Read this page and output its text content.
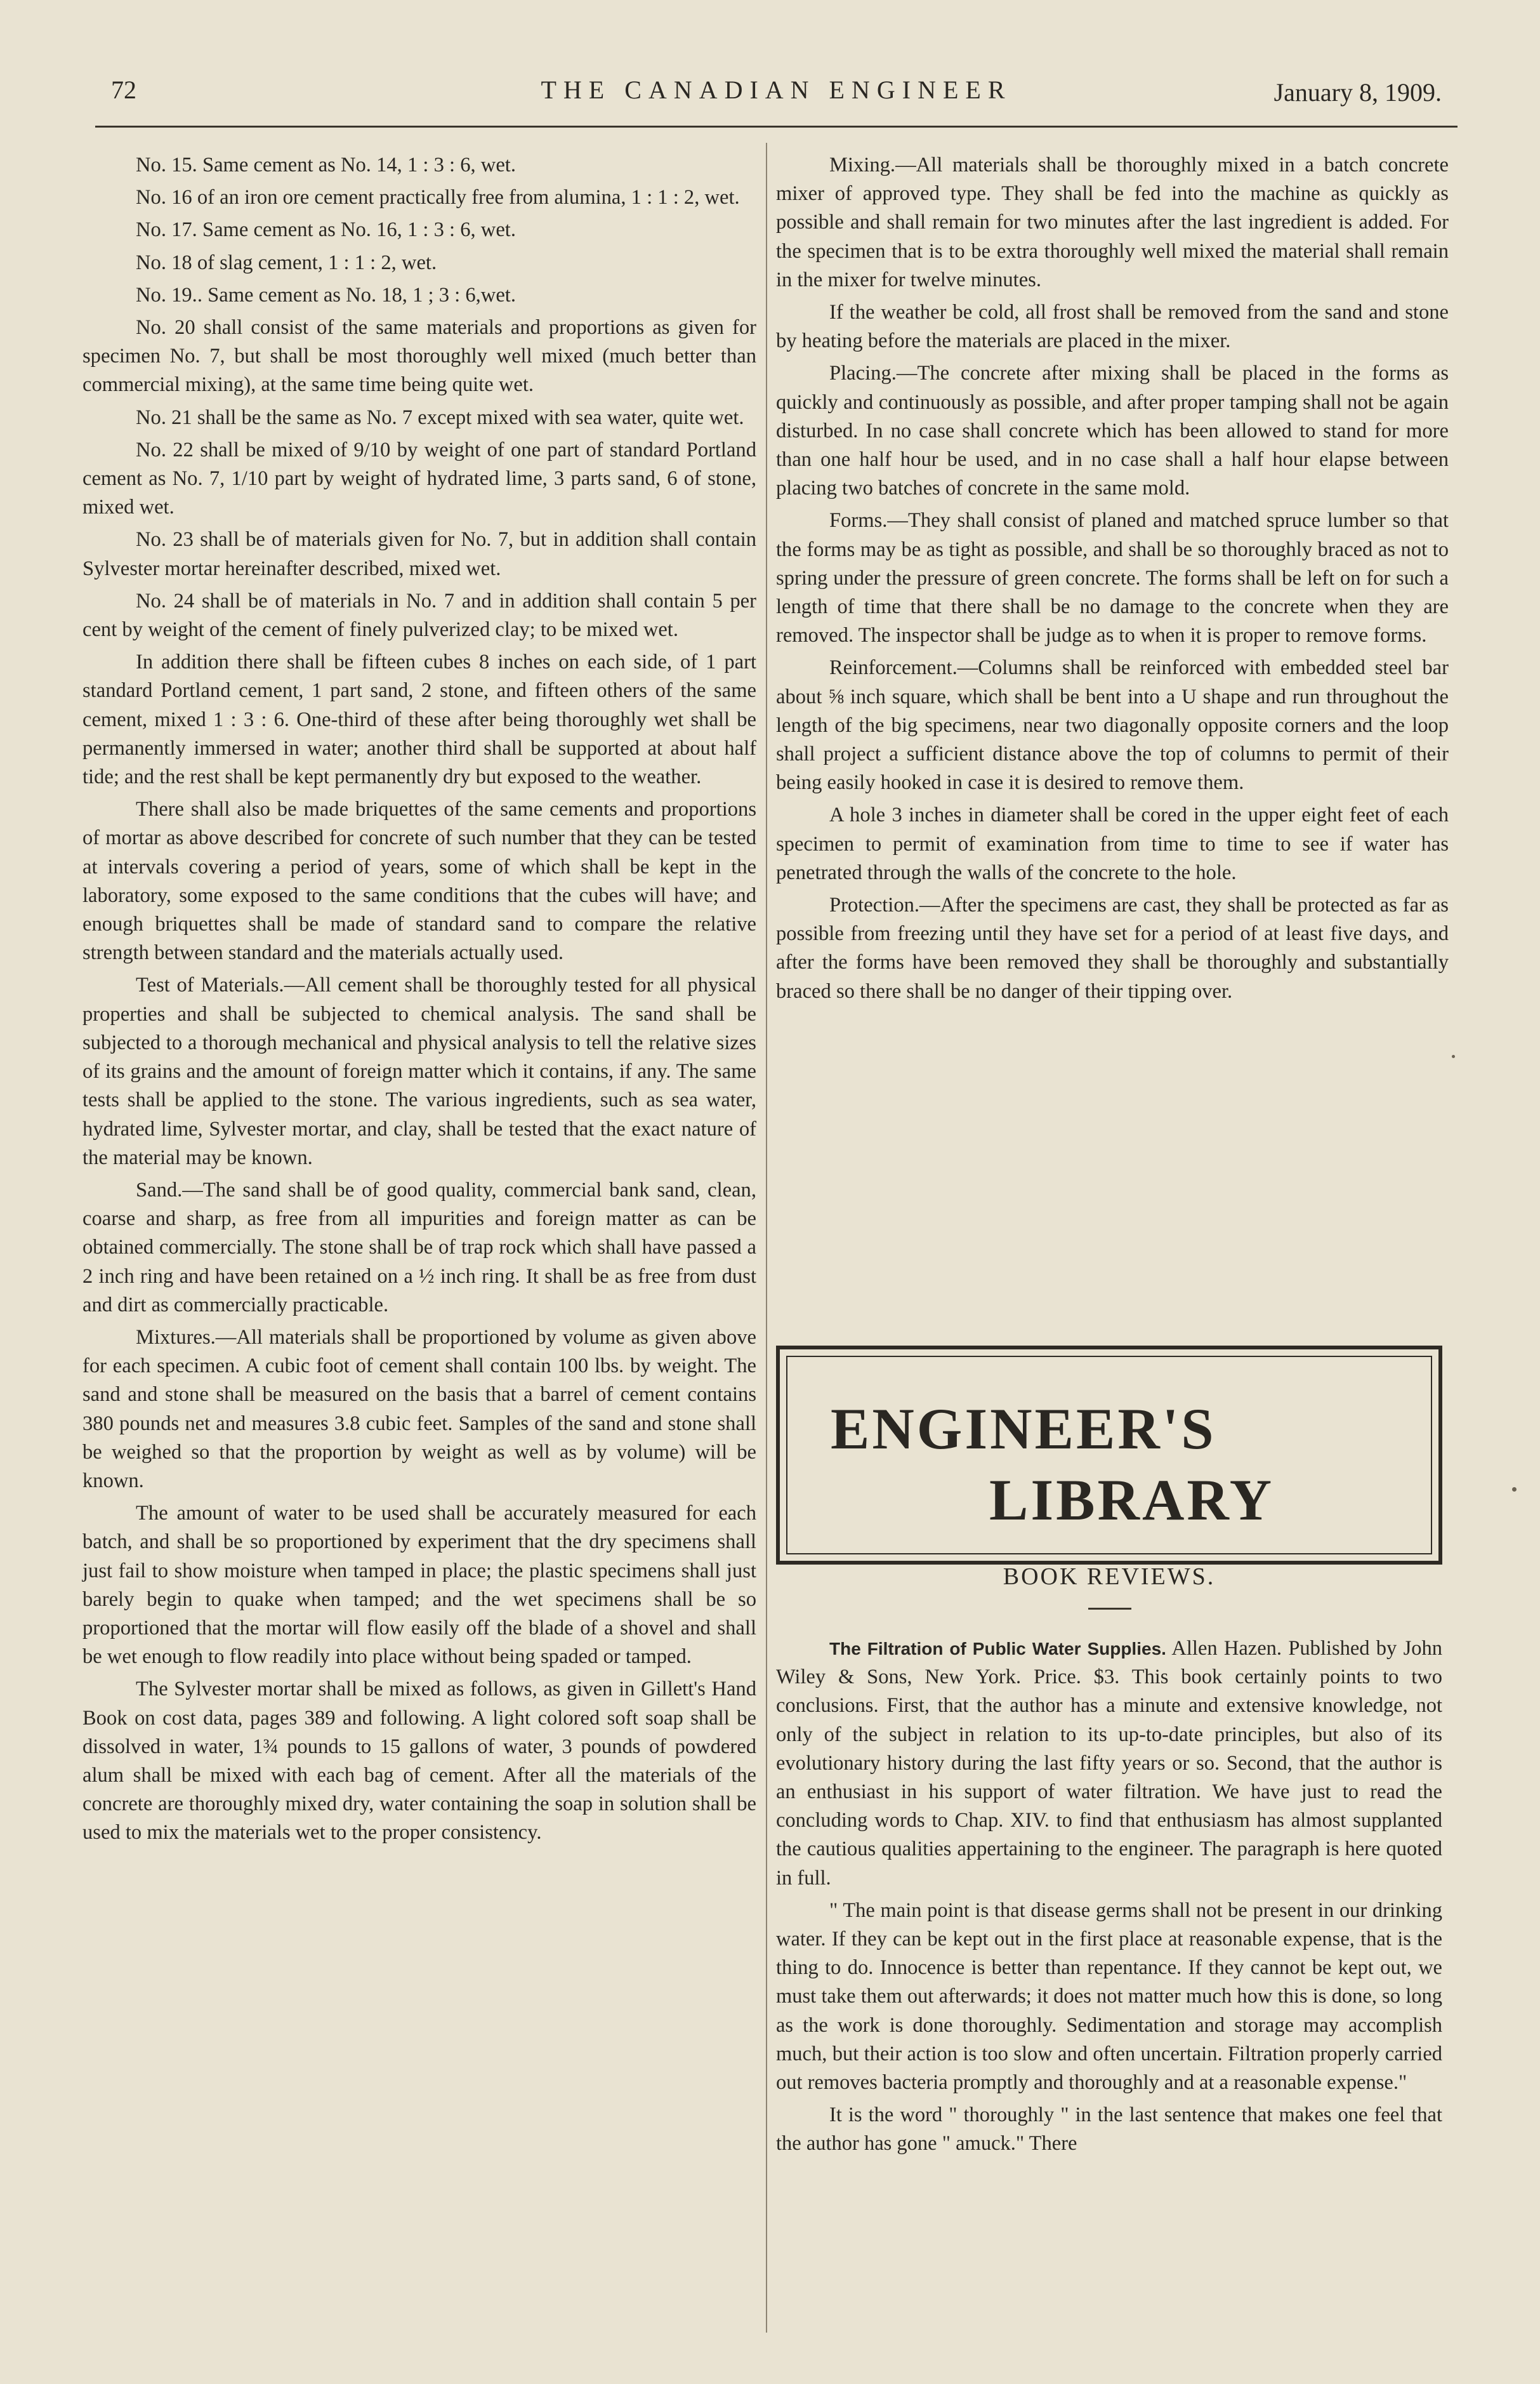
72	THE CANADIAN ENGINEER	January 8, 1909.

No. 15. Same cement as No. 14, 1 : 3 : 6, wet.

No. 16 of an iron ore cement practically free from alumina, 1 : 1 : 2, wet.

No. 17. Same cement as No. 16, 1 : 3 : 6, wet.

No. 18 of slag cement, 1 : 1 : 2, wet.

No. 19.. Same cement as No. 18, 1 ; 3 : 6,wet.

No. 20 shall consist of the same materials and proportions as given for specimen No. 7, but shall be most thoroughly well mixed (much better than commercial mixing), at the same time being quite wet.

No. 21 shall be the same as No. 7 except mixed with sea water, quite wet.

No. 22 shall be mixed of 9/10 by weight of one part of standard Portland cement as No. 7, 1/10 part by weight of hydrated lime, 3 parts sand, 6 of stone, mixed wet.

No. 23 shall be of materials given for No. 7, but in addition shall contain Sylvester mortar hereinafter described, mixed wet.

No. 24 shall be of materials in No. 7 and in addition shall contain 5 per cent by weight of the cement of finely pulverized clay; to be mixed wet.

In addition there shall be fifteen cubes 8 inches on each side, of 1 part standard Portland cement, 1 part sand, 2 stone, and fifteen others of the same cement, mixed 1 : 3 : 6. One-third of these after being thoroughly wet shall be permanently immersed in water; another third shall be supported at about half tide; and the rest shall be kept permanently dry but exposed to the weather.

There shall also be made briquettes of the same cements and proportions of mortar as above described for concrete of such number that they can be tested at intervals covering a period of years, some of which shall be kept in the laboratory, some exposed to the same conditions that the cubes will have; and enough briquettes shall be made of standard sand to compare the relative strength between standard and the materials actually used.

Test of Materials.—All cement shall be thoroughly tested for all physical properties and shall be subjected to chemical analysis. The sand shall be subjected to a thorough mechanical and physical analysis to tell the relative sizes of its grains and the amount of foreign matter which it contains, if any. The same tests shall be applied to the stone. The various ingredients, such as sea water, hydrated lime, Sylvester mortar, and clay, shall be tested that the exact nature of the material may be known.

Sand.—The sand shall be of good quality, commercial bank sand, clean, coarse and sharp, as free from all impurities and foreign matter as can be obtained commercially. The stone shall be of trap rock which shall have passed a 2 inch ring and have been retained on a ½ inch ring. It shall be as free from dust and dirt as commercially practicable.

Mixtures.—All materials shall be proportioned by volume as given above for each specimen. A cubic foot of cement shall contain 100 lbs. by weight. The sand and stone shall be measured on the basis that a barrel of cement contains 380 pounds net and measures 3.8 cubic feet. Samples of the sand and stone shall be weighed so that the proportion by weight as well as by volume) will be known.

The amount of water to be used shall be accurately measured for each batch, and shall be so proportioned by experiment that the dry specimens shall just fail to show moisture when tamped in place; the plastic specimens shall just barely begin to quake when tamped; and the wet specimens shall be so proportioned that the mortar will flow easily off the blade of a shovel and shall be wet enough to flow readily into place without being spaded or tamped.

The Sylvester mortar shall be mixed as follows, as given in Gillett's Hand Book on cost data, pages 389 and following. A light colored soft soap shall be dissolved in water, 1¾ pounds to 15 gallons of water, 3 pounds of powdered alum shall be mixed with each bag of cement. After all the materials of the concrete are thoroughly mixed dry, water containing the soap in solution shall be used to mix the materials wet to the proper consistency.

Mixing.—All materials shall be thoroughly mixed in a batch concrete mixer of approved type. They shall be fed into the machine as quickly as possible and shall remain for two minutes after the last ingredient is added. For the specimen that is to be extra thoroughly well mixed the material shall remain in the mixer for twelve minutes.

If the weather be cold, all frost shall be removed from the sand and stone by heating before the materials are placed in the mixer.

Placing.—The concrete after mixing shall be placed in the forms as quickly and continuously as possible, and after proper tamping shall not be again disturbed. In no case shall concrete which has been allowed to stand for more than one half hour be used, and in no case shall a half hour elapse between placing two batches of concrete in the same mold.

Forms.—They shall consist of planed and matched spruce lumber so that the forms may be as tight as possible, and shall be so thoroughly braced as not to spring under the pressure of green concrete. The forms shall be left on for such a length of time that there shall be no damage to the concrete when they are removed. The inspector shall be judge as to when it is proper to remove forms.

Reinforcement.—Columns shall be reinforced with embedded steel bar about ⅝ inch square, which shall be bent into a U shape and run throughout the length of the big specimens, near two diagonally opposite corners and the loop shall project a sufficient distance above the top of columns to permit of their being easily hooked in case it is desired to remove them.

A hole 3 inches in diameter shall be cored in the upper eight feet of each specimen to permit of examination from time to time to see if water has penetrated through the walls of the concrete to the hole.

Protection.—After the specimens are cast, they shall be protected as far as possible from freezing until they have set for a period of at least five days, and after the forms have been removed they shall be thoroughly and substantially braced so there shall be no danger of their tipping over.

ENGINEER'S
LIBRARY
BOOK REVIEWS.

The Filtration of Public Water Supplies. Allen Hazen. Published by John Wiley & Sons, New York. Price. $3. This book certainly points to two conclusions. First, that the author has a minute and extensive knowledge, not only of the subject in relation to its up-to-date principles, but also of its evolutionary history during the last fifty years or so. Second, that the author is an enthusiast in his support of water filtration. We have just to read the concluding words to Chap. XIV. to find that enthusiasm has almost supplanted the cautious qualities appertaining to the engineer. The paragraph is here quoted in full.

" The main point is that disease germs shall not be present in our drinking water. If they can be kept out in the first place at reasonable expense, that is the thing to do. Innocence is better than repentance. If they cannot be kept out, we must take them out afterwards; it does not matter much how this is done, so long as the work is done thoroughly. Sedimentation and storage may accomplish much, but their action is too slow and often uncertain. Filtration properly carried out removes bacteria promptly and thoroughly and at a reasonable expense."

It is the word " thoroughly " in the last sentence that makes one feel that the author has gone " amuck." There
